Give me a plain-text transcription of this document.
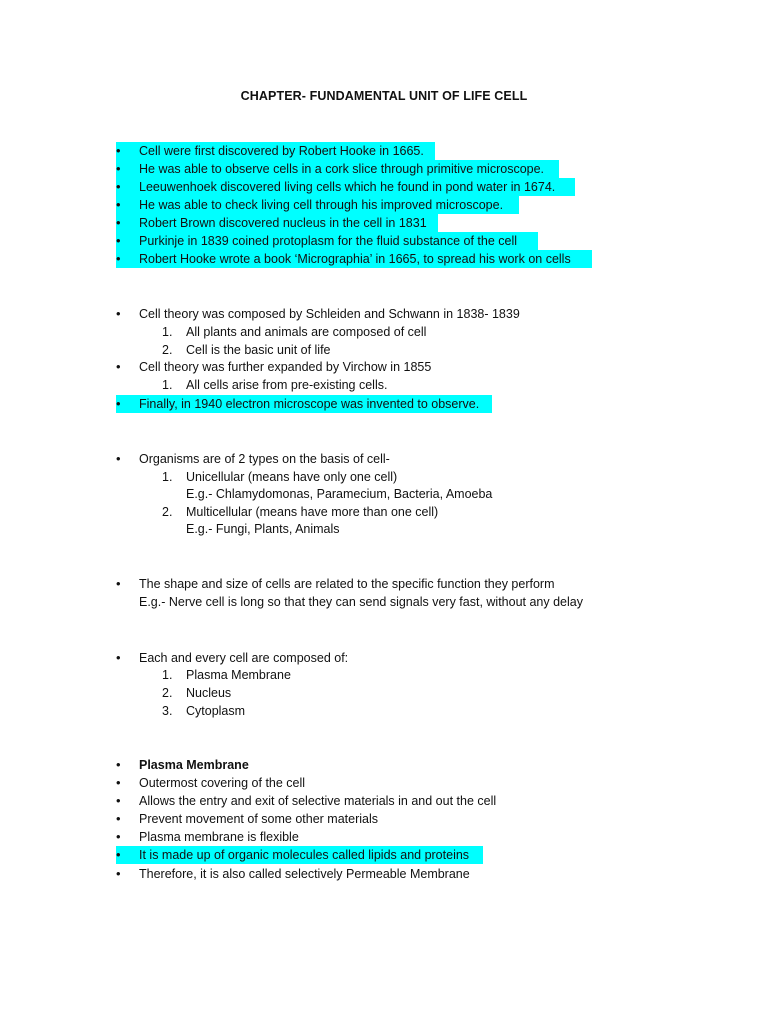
CHAPTER- FUNDAMENTAL UNIT OF LIFE CELL
• Cell were first discovered by Robert Hooke in 1665.
• He was able to observe cells in a cork slice through primitive microscope.
• Leeuwenhoek discovered living cells which he found in pond water in 1674.
• He was able to check living cell through his improved microscope.
• Robert Brown discovered nucleus in the cell in 1831
• Purkinje in 1839 coined protoplasm for the fluid substance of the cell
• Robert Hooke wrote a book ‘Micrographia’ in 1665, to spread his work on cells
• Cell theory was composed by Schleiden and Schwann in 1838- 1839
1. All plants and animals are composed of cell
2. Cell is the basic unit of life
• Cell theory was further expanded by Virchow in 1855
1. All cells arise from pre-existing cells.
• Finally, in 1940 electron microscope was invented to observe.
• Organisms are of 2 types on the basis of cell-
1. Unicellular (means have only one cell)
E.g.- Chlamydomonas, Paramecium, Bacteria, Amoeba
2. Multicellular (means have more than one cell)
E.g.- Fungi, Plants, Animals
• The shape and size of cells are related to the specific function they perform
E.g.- Nerve cell is long so that they can send signals very fast, without any delay
• Each and every cell are composed of:
1. Plasma Membrane
2. Nucleus
3. Cytoplasm
• Plasma Membrane
• Outermost covering of the cell
• Allows the entry and exit of selective materials in and out the cell
• Prevent movement of some other materials
• Plasma membrane is flexible
• It is made up of organic molecules called lipids and proteins
• Therefore, it is also called selectively Permeable Membrane
